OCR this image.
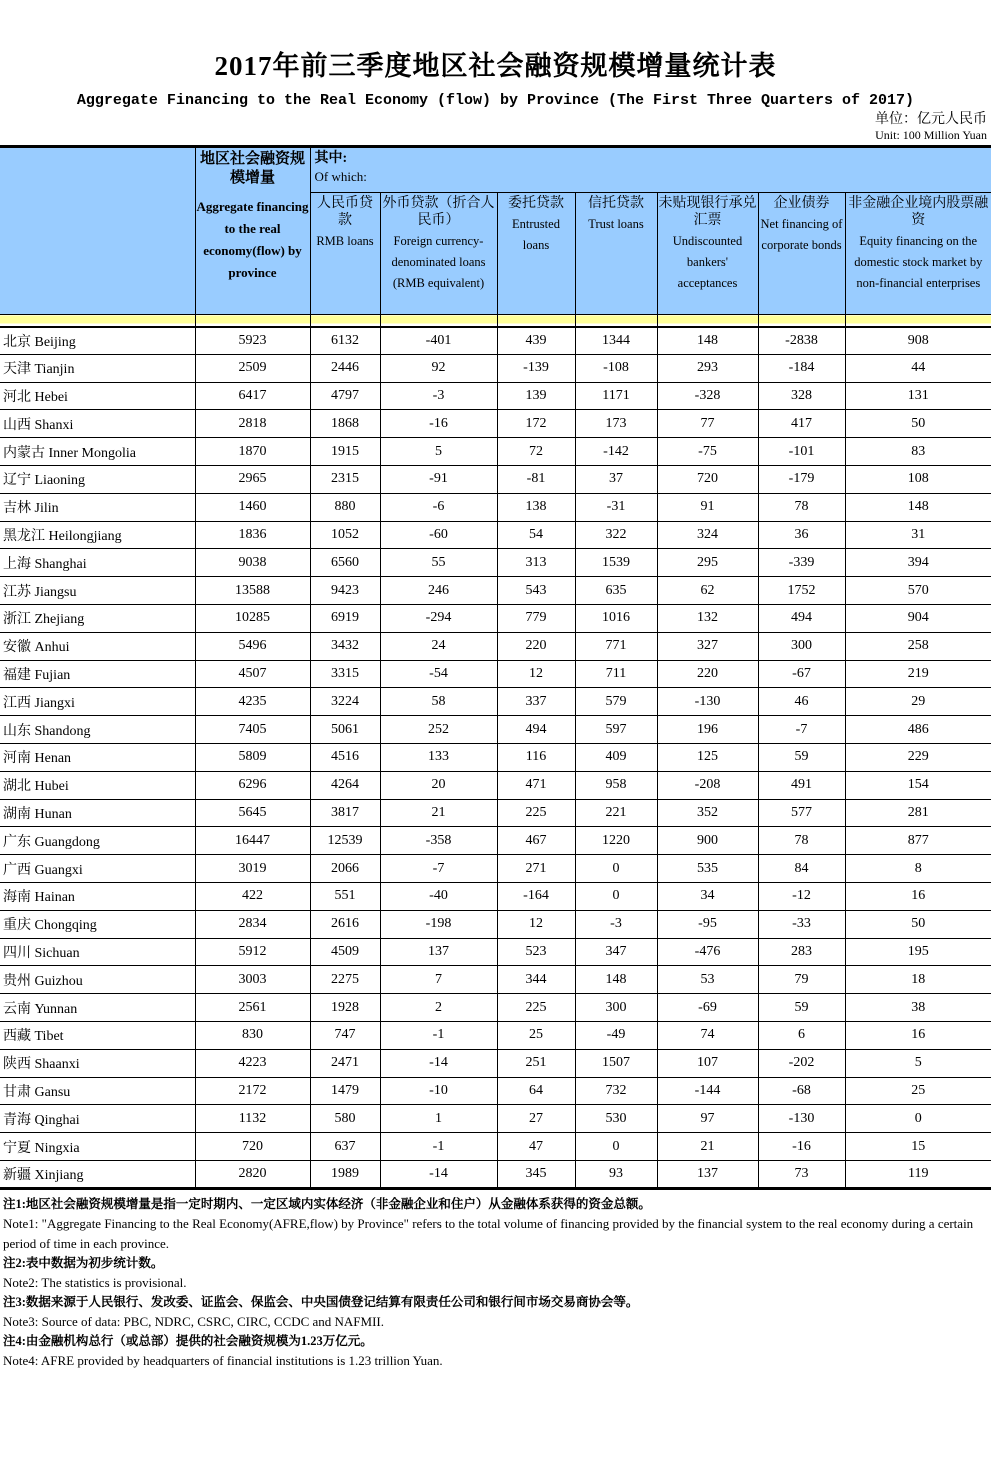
2017年前三季度地区社会融资规模增量统计表
Aggregate Financing to the Real Economy (flow) by Province (The First Three Quarters of 2017)
单位：亿元人民币
Unit: 100 Million Yuan

地区社会融资规模增量
Aggregate financing to the real economy(flow) by province

其中:
Of which:

人民币贷款
RMB loans

外币贷款（折合人民币）
Foreign currency-denominated loans (RMB equivalent)

委托贷款
Entrusted loans

信托贷款
Trust loans

未贴现银行承兑汇票
Undiscounted bankers' acceptances

企业债券
Net financing of corporate bonds

非金融企业境内股票融资
Equity financing on the domestic stock market by non-financial enterprises

北京 Beijing	5923	6132	-401	439	1344	148	-2838	908
天津 Tianjin	2509	2446	92	-139	-108	293	-184	44
河北 Hebei	6417	4797	-3	139	1171	-328	328	131
山西 Shanxi	2818	1868	-16	172	173	77	417	50
内蒙古 Inner Mongolia	1870	1915	5	72	-142	-75	-101	83
辽宁 Liaoning	2965	2315	-91	-81	37	720	-179	108
吉林 Jilin	1460	880	-6	138	-31	91	78	148
黑龙江 Heilongjiang	1836	1052	-60	54	322	324	36	31
上海 Shanghai	9038	6560	55	313	1539	295	-339	394
江苏 Jiangsu	13588	9423	246	543	635	62	1752	570
浙江 Zhejiang	10285	6919	-294	779	1016	132	494	904
安徽 Anhui	5496	3432	24	220	771	327	300	258
福建 Fujian	4507	3315	-54	12	711	220	-67	219
江西 Jiangxi	4235	3224	58	337	579	-130	46	29
山东 Shandong	7405	5061	252	494	597	196	-7	486
河南 Henan	5809	4516	133	116	409	125	59	229
湖北 Hubei	6296	4264	20	471	958	-208	491	154
湖南 Hunan	5645	3817	21	225	221	352	577	281
广东 Guangdong	16447	12539	-358	467	1220	900	78	877
广西 Guangxi	3019	2066	-7	271	0	535	84	8
海南 Hainan	422	551	-40	-164	0	34	-12	16
重庆 Chongqing	2834	2616	-198	12	-3	-95	-33	50
四川 Sichuan	5912	4509	137	523	347	-476	283	195
贵州 Guizhou	3003	2275	7	344	148	53	79	18
云南 Yunnan	2561	1928	2	225	300	-69	59	38
西藏 Tibet	830	747	-1	25	-49	74	6	16
陕西 Shaanxi	4223	2471	-14	251	1507	107	-202	5
甘肃 Gansu	2172	1479	-10	64	732	-144	-68	25
青海 Qinghai	1132	580	1	27	530	97	-130	0
宁夏 Ningxia	720	637	-1	47	0	21	-16	15
新疆 Xinjiang	2820	1989	-14	345	93	137	73	119
注1:地区社会融资规模增量是指一定时期内、一定区域内实体经济（非金融企业和住户）从金融体系获得的资金总额。
Note1: "Aggregate Financing to the Real Economy(AFRE,flow) by Province" refers to the total volume of financing provided by the financial system to the real economy during a certain period of time in each province.
注2:表中数据为初步统计数。
Note2: The statistics is provisional.
注3:数据来源于人民银行、发改委、证监会、保监会、中央国债登记结算有限责任公司和银行间市场交易商协会等。
Note3: Source of data: PBC, NDRC, CSRC, CIRC, CCDC and NAFMII.
注4:由金融机构总行（或总部）提供的社会融资规模为1.23万亿元。
Note4: AFRE provided by headquarters of financial institutions is 1.23 trillion Yuan.
